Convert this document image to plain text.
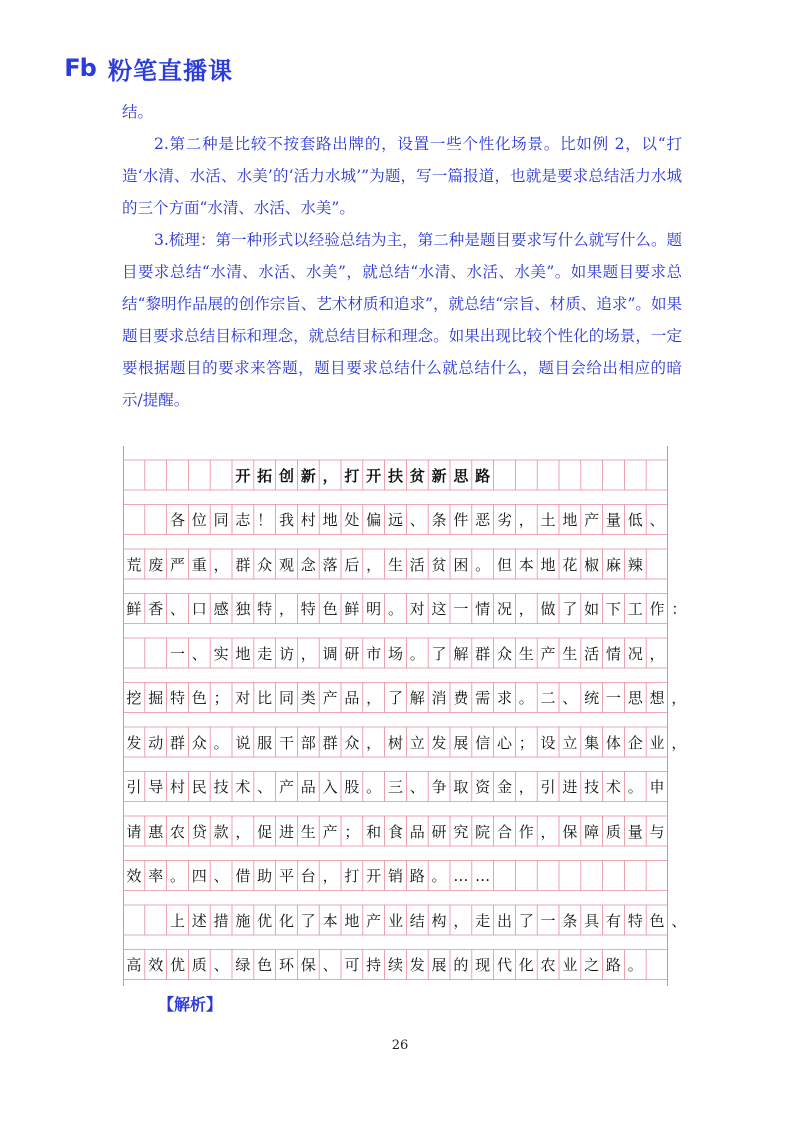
Fb 粉笔直播课

结。

2.第二种是比较不按套路出牌的，设置一些个性化场景。比如例 2，以“打造‘水清、水活、水美’的‘活力水城’”为题，写一篇报道，也就是要求总结活力水城的三个方面“水清、水活、水美”。

3.梳理：第一种形式以经验总结为主，第二种是题目要求写什么就写什么。题目要求总结“水清、水活、水美”，就总结“水清、水活、水美”。如果题目要求总结“黎明作品展的创作宗旨、艺术材质和追求”，就总结“宗旨、材质、追求”。如果题目要求总结目标和理念，就总结目标和理念。如果出现比较个性化的场景，一定要根据题目的要求来答题，题目要求总结什么就总结什么，题目会给出相应的暗示/提醒。

开 拓 创 新 ， 打 开 扶 贫 新 思 路
各 位 同 志 ！ 我 村 地 处 偏 远 、 条 件 恶 劣 ， 土 地 产 量 低 、
荒 废 严 重 ， 群 众 观 念 落 后 ， 生 活 贫 困 。 但 本 地 花 椒 麻 辣
鲜 香 、 口 感 独 特 ， 特 色 鲜 明 。 对 这 一 情 况 ， 做 了 如 下 工 作 ：
一 、 实 地 走 访 ， 调 研 市 场 。 了 解 群 众 生 产 生 活 情 况 ，
挖 掘 特 色 ； 对 比 同 类 产 品 ， 了 解 消 费 需 求 。 二 、 统 一 思 想 ，
发 动 群 众 。 说 服 干 部 群 众 ， 树 立 发 展 信 心 ； 设 立 集 体 企 业 ，
引 导 村 民 技 术 、 产 品 入 股 。 三 、 争 取 资 金 ， 引 进 技 术 。 申
请 惠 农 贷 款 ， 促 进 生 产 ； 和 食 品 研 究 院 合 作 ， 保 障 质 量 与
效 率 。 四 、 借 助 平 台 ， 打 开 销 路 。 … …
上 述 措 施 优 化 了 本 地 产 业 结 构 ， 走 出 了 一 条 具 有 特 色 、
高 效 优 质 、 绿 色 环 保 、 可 持 续 发 展 的 现 代 化 农 业 之 路 。
【解析】
26
